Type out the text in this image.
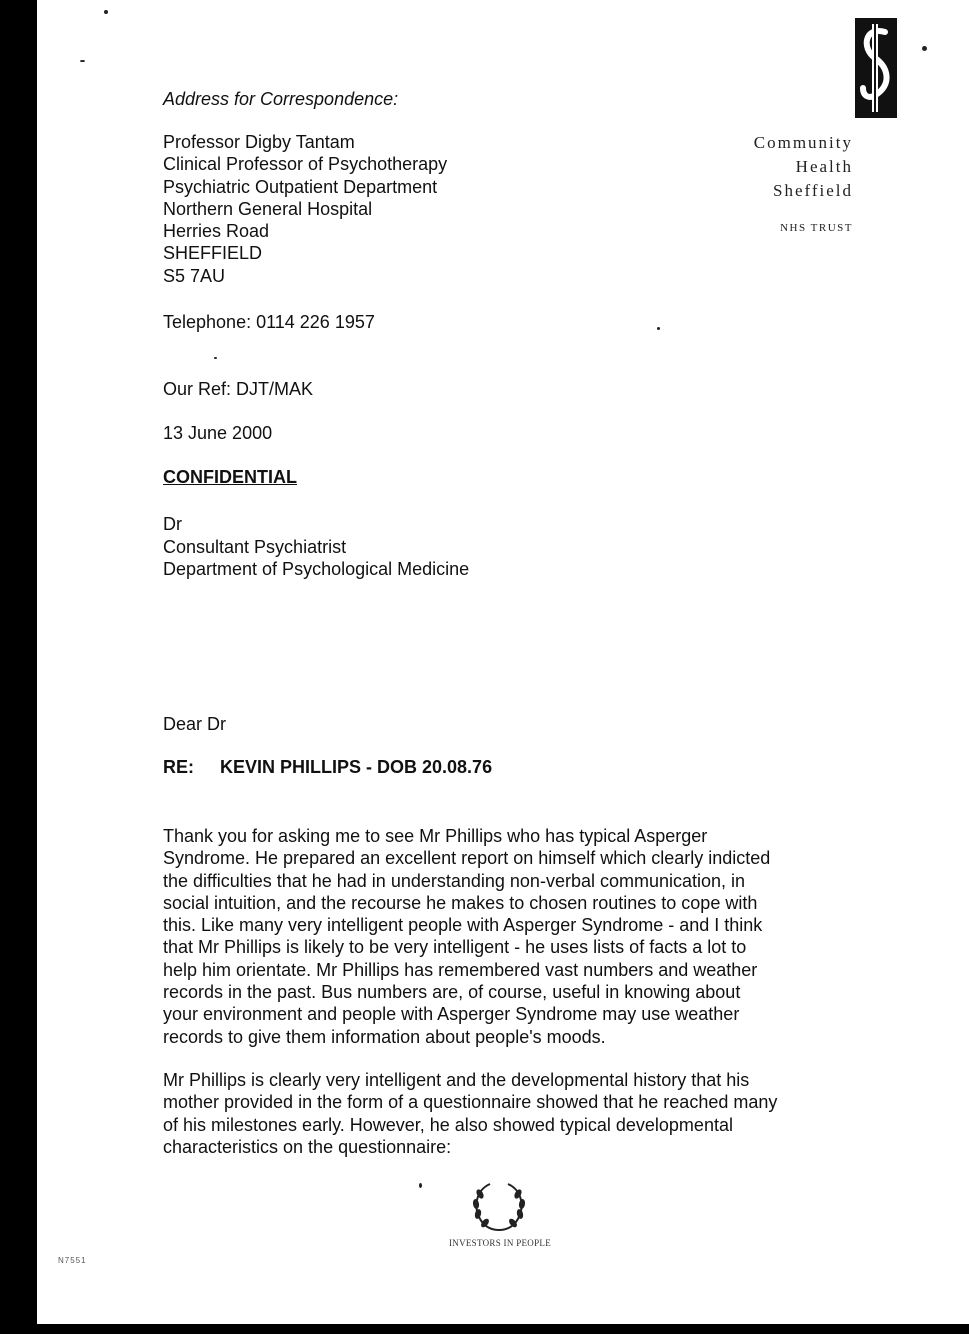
Community
Health
Sheffield
NHS TRUST
Address for Correspondence:
Professor Digby Tantam
Clinical Professor of Psychotherapy
Psychiatric Outpatient Department
Northern General Hospital
Herries Road
SHEFFIELD
S5 7AU
Telephone: 0114 226 1957
Our Ref: DJT/MAK
13 June 2000
CONFIDENTIAL
Dr
Consultant Psychiatrist
Department of Psychological Medicine
Dear Dr
RE: KEVIN PHILLIPS - DOB 20.08.76
Thank you for asking me to see Mr Phillips who has typical Asperger
Syndrome. He prepared an excellent report on himself which clearly indicted
the difficulties that he had in understanding non-verbal communication, in
social intuition, and the recourse he makes to chosen routines to cope with
this. Like many very intelligent people with Asperger Syndrome - and I think
that Mr Phillips is likely to be very intelligent - he uses lists of facts a lot to
help him orientate. Mr Phillips has remembered vast numbers and weather
records in the past. Bus numbers are, of course, useful in knowing about
your environment and people with Asperger Syndrome may use weather
records to give them information about people's moods.
Mr Phillips is clearly very intelligent and the developmental history that his
mother provided in the form of a questionnaire showed that he reached many
of his milestones early. However, he also showed typical developmental
characteristics on the questionnaire:
INVESTORS IN PEOPLE
N7551
